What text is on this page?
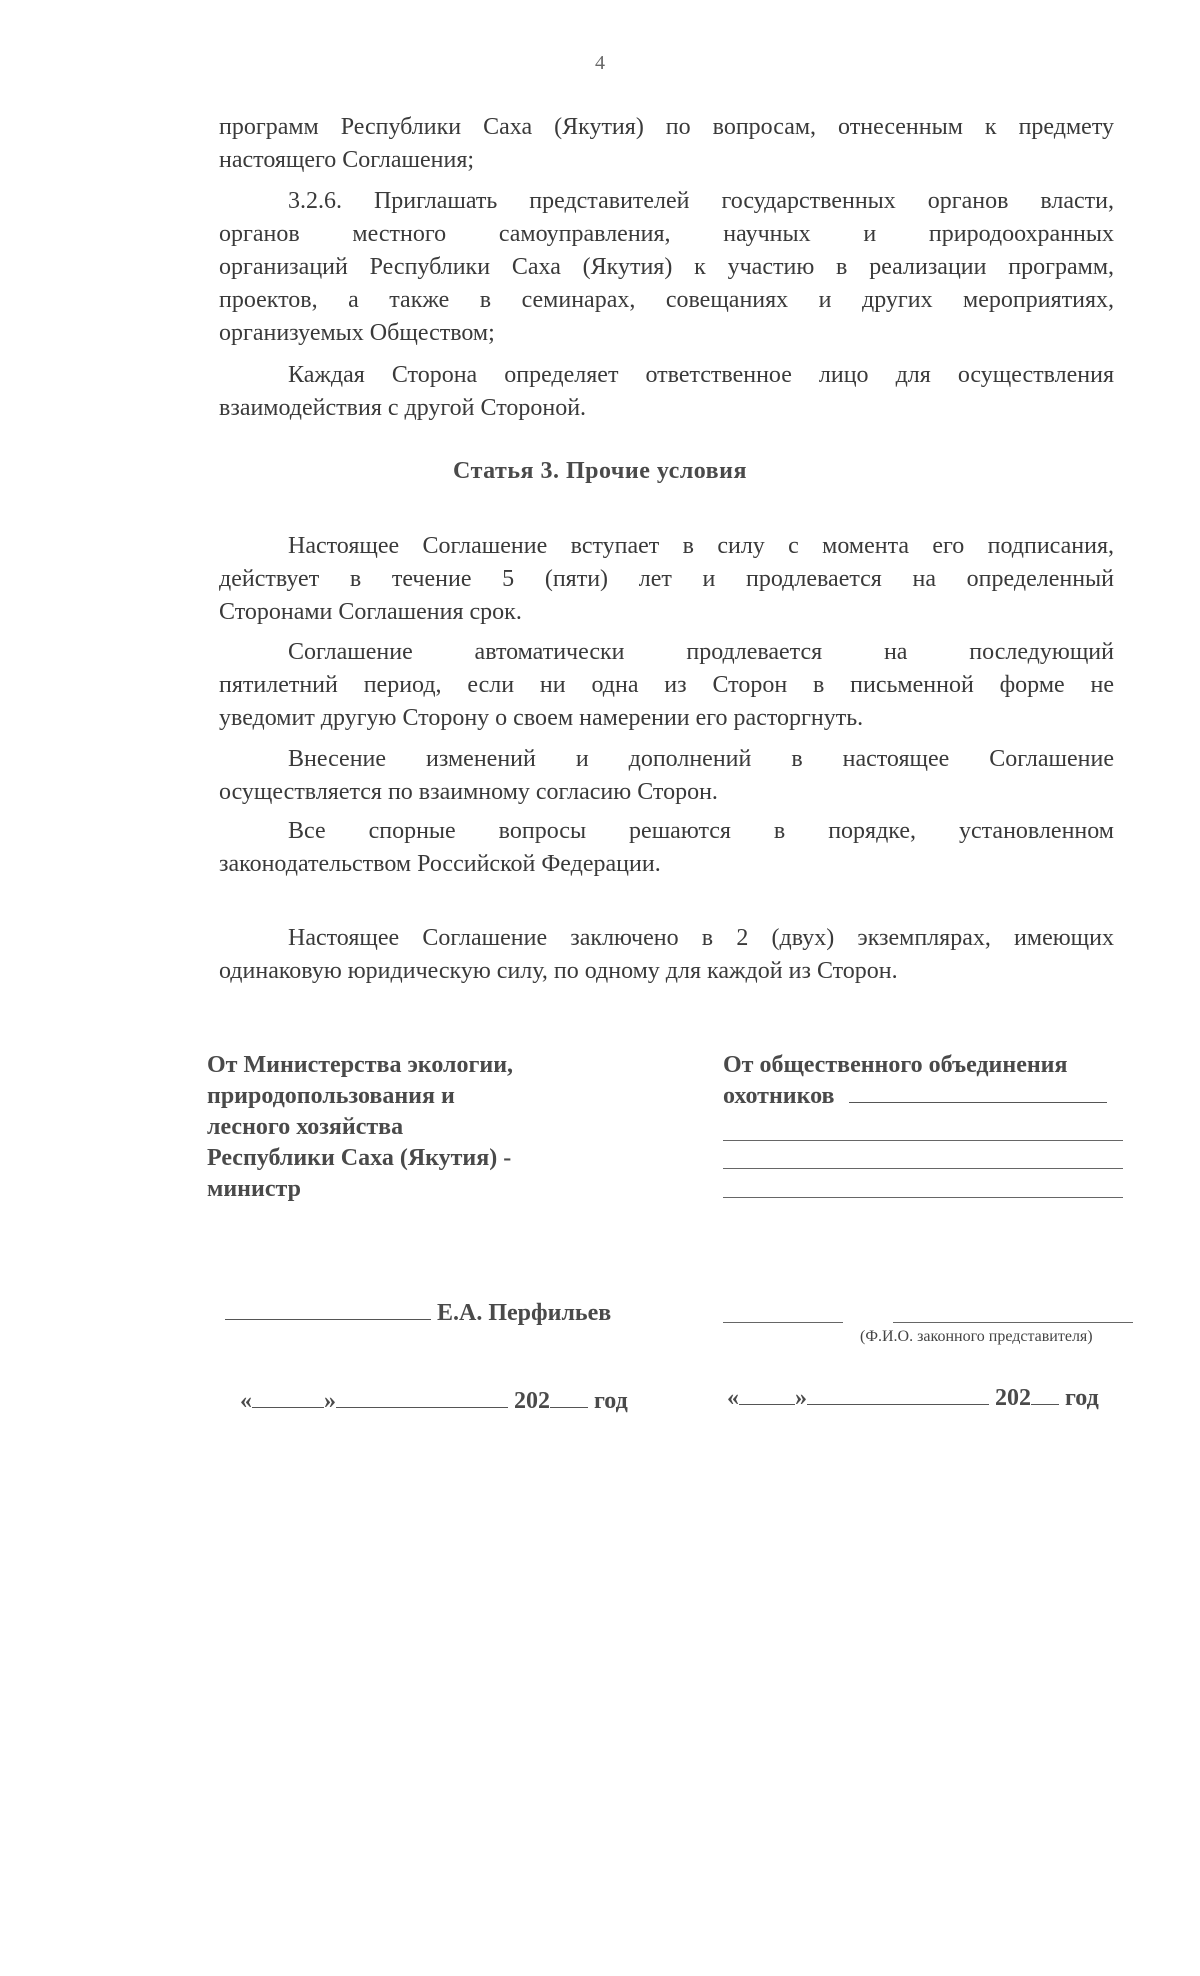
4
программ Республики Саха (Якутия) по вопросам, отнесенным к предмету
настоящего Соглашения;
3.2.6. Приглашать представителей государственных органов власти,
органов местного самоуправления, научных и природоохранных
организаций Республики Саха (Якутия) к участию в реализации программ,
проектов, а также в семинарах, совещаниях и других мероприятиях,
организуемых Обществом;
Каждая Сторона определяет ответственное лицо для осуществления
взаимодействия с другой Стороной.
Статья 3. Прочие условия
Настоящее Соглашение вступает в силу с момента его подписания,
действует в течение 5 (пяти) лет и продлевается на определенный
Сторонами Соглашения срок.
Соглашение автоматически продлевается на последующий
пятилетний период, если ни одна из Сторон в письменной форме не
уведомит другую Сторону о своем намерении его расторгнуть.
Внесение изменений и дополнений в настоящее Соглашение
осуществляется по взаимному согласию Сторон.
Все спорные вопросы решаются в порядке, установленном
законодательством Российской Федерации.
Настоящее Соглашение заключено в 2 (двух) экземплярах, имеющих
одинаковую юридическую силу, по одному для каждой из Сторон.
От Министерства экологии,
природопользования и
лесного хозяйства
Республики Саха (Якутия) -
министр
От общественного объединения
охотников
Е.А. Перфильев
(Ф.И.О. законного представителя)
«	»	202 год	« »	202 год
